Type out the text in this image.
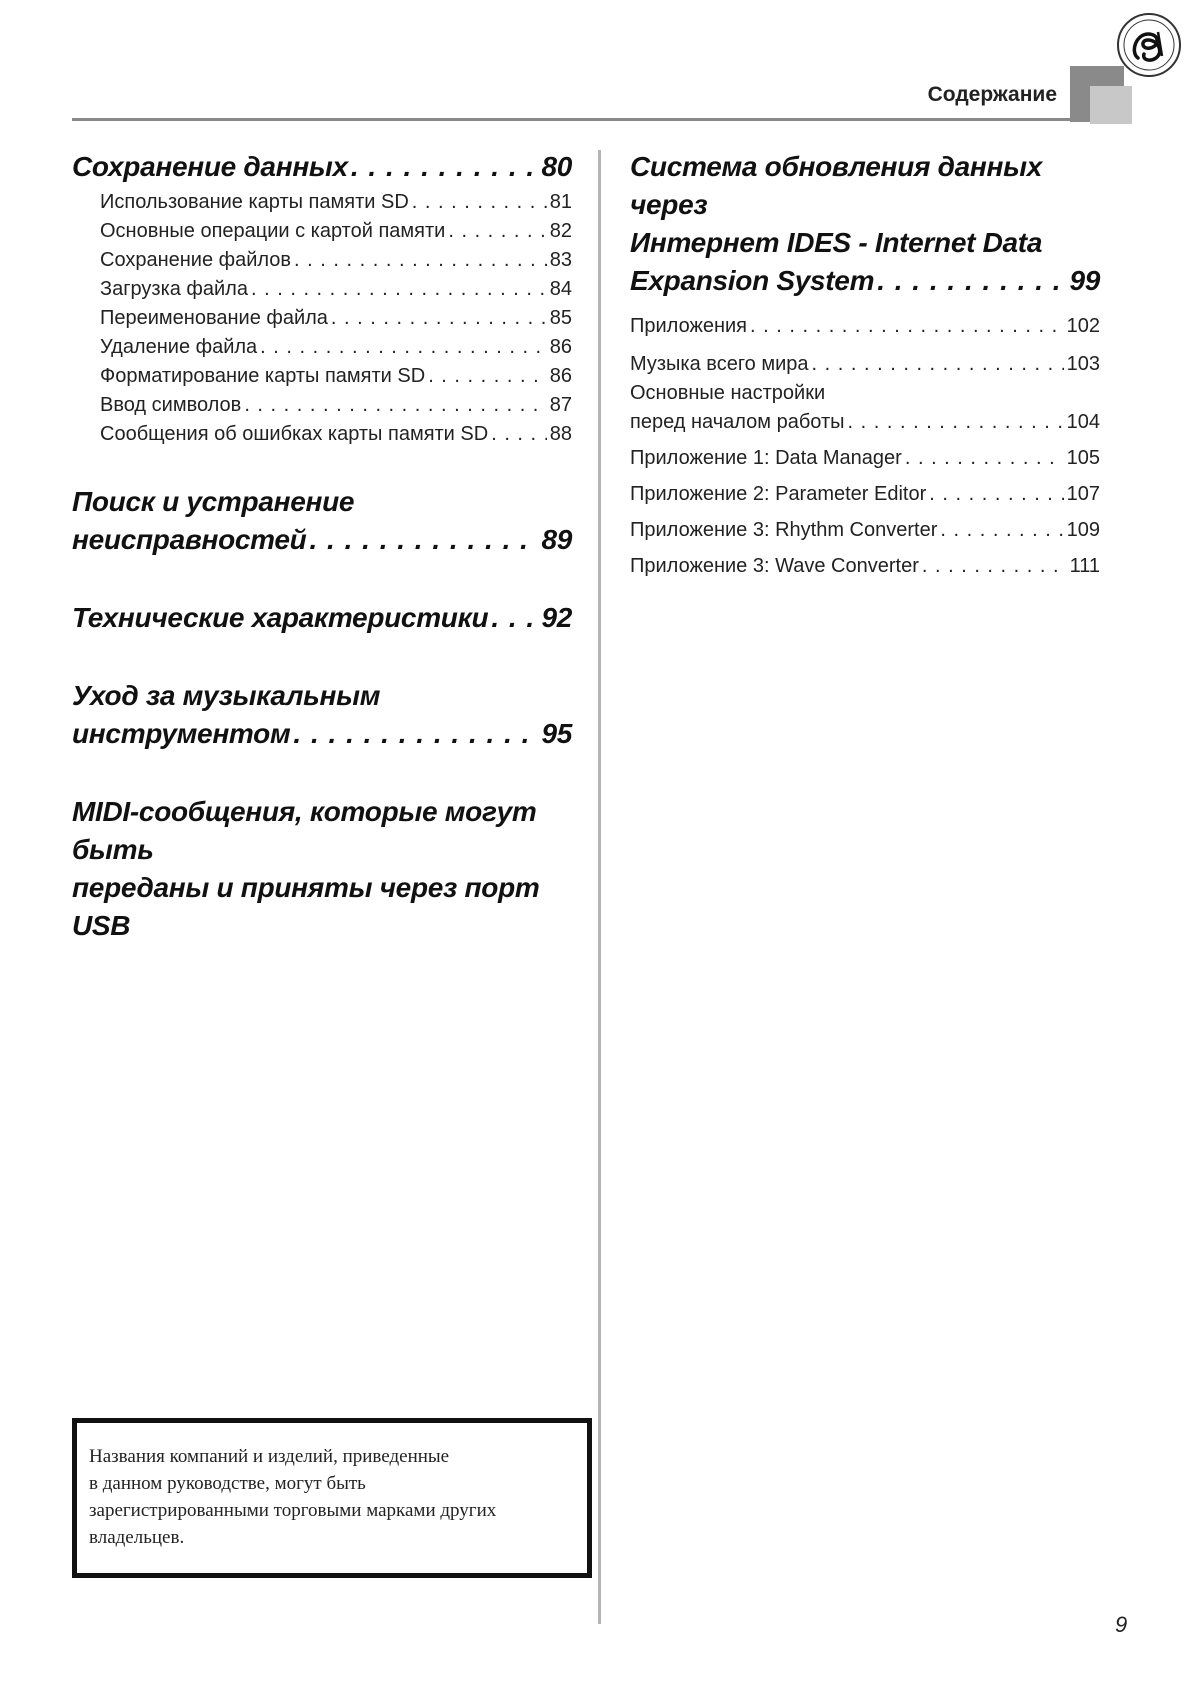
Содержание
Сохранение данных . . .	80
Использование карты памяти SD . . .	81
Основные операции с картой памяти . . .	82
Сохранение файлов . . .	83
Загрузка файла . . .	84
Переименование файла . . .	85
Удаление файла . . .	86
Форматирование карты памяти SD . . .	86
Ввод символов . . .	87
Сообщения об ошибках карты памяти SD . . .	88
Поиск и устранение
неисправностей . . .	89
Технические характеристики . . . 92
Уход за музыкальным
инструментом . . .	95
MIDI-сообщения, которые могут быть
переданы и приняты через порт USB
Система обновления данных через
Интернет IDES - Internet Data
Expansion System . . .	99
Приложения . . .	102
Музыка всего мира . . .	103
Основные настройки
перед началом работы . . .	104
Приложение 1: Data Manager . . .	105
Приложение 2: Parameter Editor . . .	107
Приложение 3: Rhythm Converter . . .	109
Приложение 3: Wave Converter . . .	111
Названия компаний и изделий, приведенные
в данном руководстве, могут быть
зарегистрированными торговыми марками других
владельцев.
9
